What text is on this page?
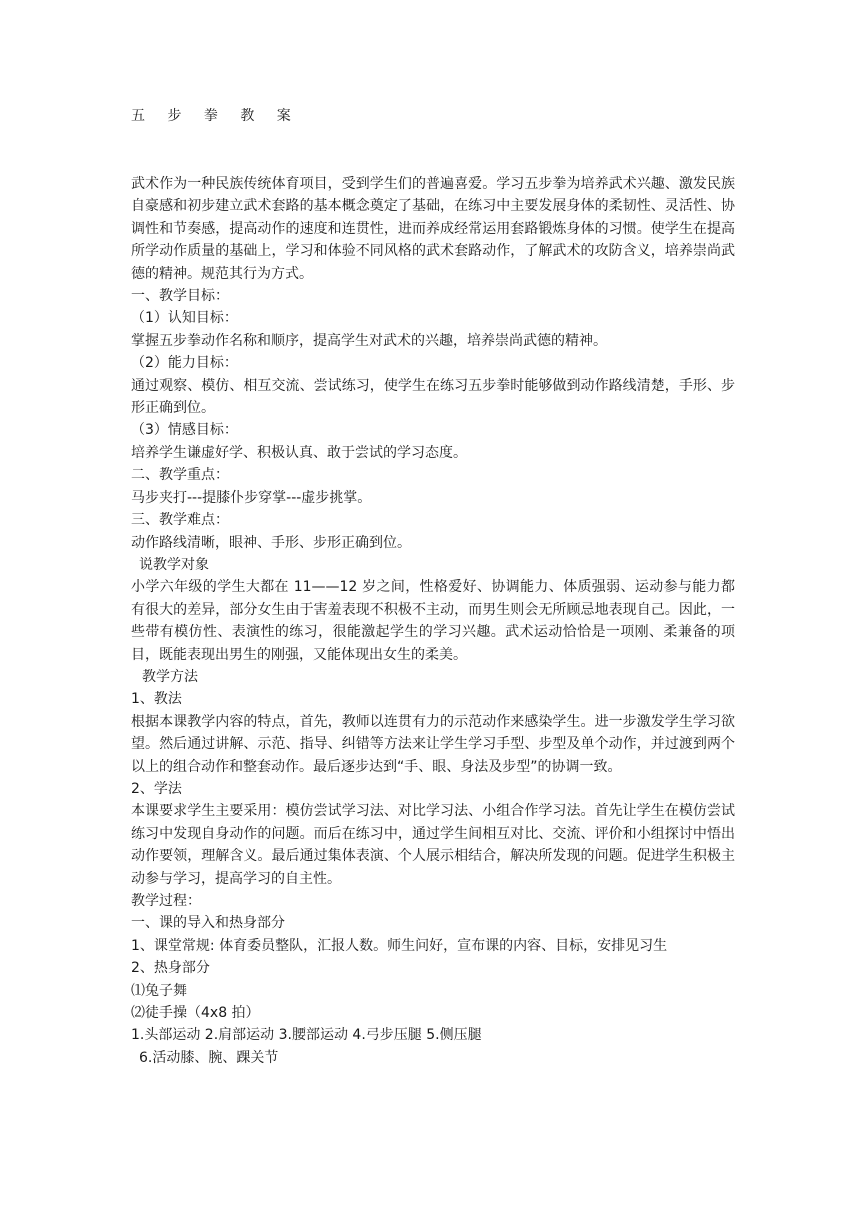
五 步 拳 教 案

武术作为一种民族传统体育项目，受到学生们的普遍喜爱。学习五步拳为培养武术兴趣、激发民族自豪感和初步建立武术套路的基本概念奠定了基础，在练习中主要发展身体的柔韧性、灵活性、协调性和节奏感，提高动作的速度和连贯性，进而养成经常运用套路锻炼身体的习惯。使学生在提高所学动作质量的基础上，学习和体验不同风格的武术套路动作，了解武术的攻防含义，培养崇尚武德的精神。规范其行为方式。

一、教学目标：

（1）认知目标：

掌握五步拳动作名称和顺序，提高学生对武术的兴趣，培养崇尚武德的精神。

（2）能力目标：

通过观察、模仿、相互交流、尝试练习，使学生在练习五步拳时能够做到动作路线清楚，手形、步形正确到位。

（3）情感目标：

培养学生谦虚好学、积极认真、敢于尝试的学习态度。

二、教学重点：

马步夹打---提膝仆步穿掌---虚步挑掌。

三、教学难点：

动作路线清晰，眼神、手形、步形正确到位。

说教学对象

小学六年级的学生大都在 11——12 岁之间，性格爱好、协调能力、体质强弱、运动参与能力都有很大的差异，部分女生由于害羞表现不积极不主动，而男生则会无所顾忌地表现自己。因此，一些带有模仿性、表演性的练习，很能激起学生的学习兴趣。武术运动恰恰是一项刚、柔兼备的项目，既能表现出男生的刚强，又能体现出女生的柔美。

教学方法

1、教法

根据本课教学内容的特点，首先，教师以连贯有力的示范动作来感染学生。进一步激发学生学习欲望。然后通过讲解、示范、指导、纠错等方法来让学生学习手型、步型及单个动作，并过渡到两个以上的组合动作和整套动作。最后逐步达到“手、眼、身法及步型”的协调一致。

2、学法

本课要求学生主要采用：模仿尝试学习法、对比学习法、小组合作学习法。首先让学生在模仿尝试练习中发现自身动作的问题。而后在练习中，通过学生间相互对比、交流、评价和小组探讨中悟出动作要领，理解含义。最后通过集体表演、个人展示相结合，解决所发现的问题。促进学生积极主动参与学习，提高学习的自主性。

教学过程：

一、课的导入和热身部分

1、课堂常规: 体育委员整队，汇报人数。师生问好，宣布课的内容、目标，安排见习生

2、热身部分

⑴兔子舞

⑵徒手操（4x8 拍）

1.头部运动 2.肩部运动 3.腰部运动 4.弓步压腿 5.侧压腿

6.活动膝、腕、踝关节
